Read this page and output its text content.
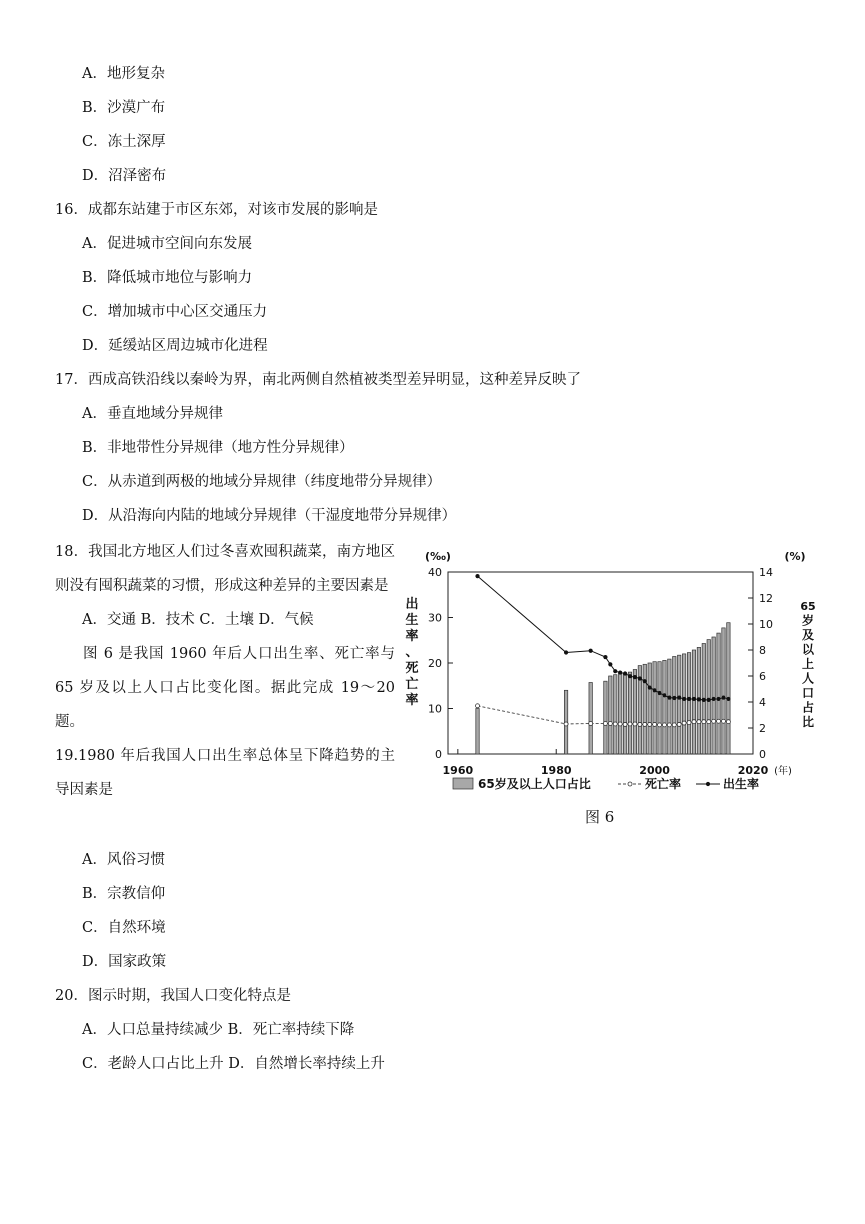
A．地形复杂
B．沙漠广布
C．冻土深厚
D．沼泽密布
16．成都东站建于市区东郊，对该市发展的影响是
A．促进城市空间向东发展
B．降低城市地位与影响力
C．增加城市中心区交通压力
D．延缓站区周边城市化进程
17．西成高铁沿线以秦岭为界，南北两侧自然植被类型差异明显，这种差异反映了
A．垂直地域分异规律
B．非地带性分异规律（地方性分异规律）
C．从赤道到两极的地域分异规律（纬度地带分异规律）
D．从沿海向内陆的地域分异规律（干湿度地带分异规律）
18．我国北方地区人们过冬喜欢囤积蔬菜，南方地区则没有囤积蔬菜的习惯，形成这种差异的主要因素是
A．交通 B．技术 C．土壤 D．气候
图 6 是我国 1960 年后人口出生率、死亡率与 65 岁及以上人口占比变化图。据此完成 19～20 题。
19.1980 年后我国人口出生率总体呈下降趋势的主导因素是
A．风俗习惯
B．宗教信仰
C．自然环境
D．国家政策
20．图示时期，我国人口变化特点是
A．人口总量持续减少 B．死亡率持续下降
C．老龄人口占比上升 D．自然增长率持续上升
0
10
20
30
40
0
2
4
6
8
10
12
14
1960	1980	2000	2020 (年)
(‰)	(%)
出
生
率
、
死
亡
率
65
岁
及
以
上
人
口
占
比
65岁及以上人口占比	死亡率	出生率
图 6
